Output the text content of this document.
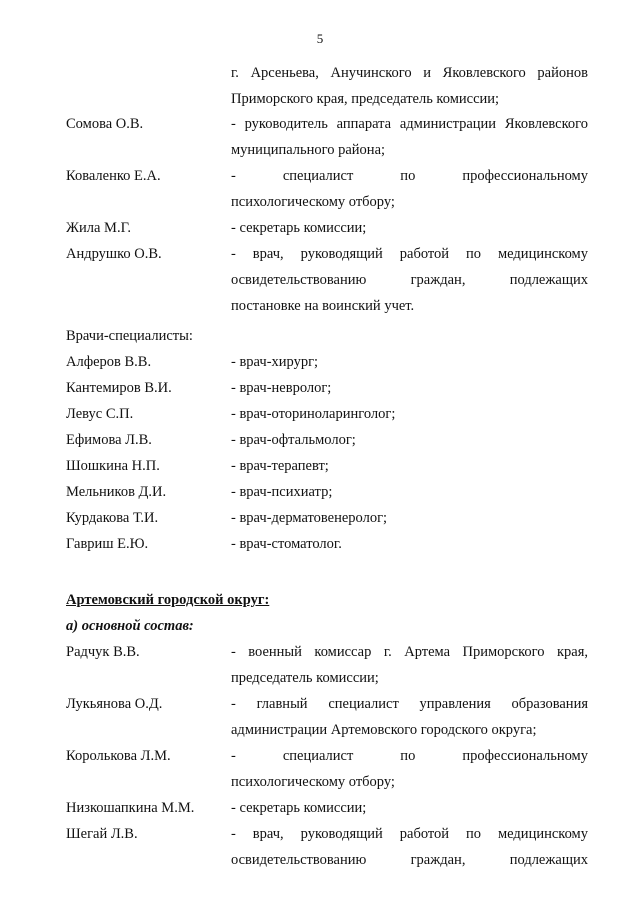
5
г. Арсеньева, Анучинского и Яковлевского районов
Приморского края, председатель комиссии;
Сомова О.В.	- руководитель аппарата администрации Яковлевского
муниципального района;
Коваленко Е.А.	- специалист по профессиональному
психологическому отбору;
Жила М.Г.	- секретарь комиссии;
Андрушко О.В.	- врач, руководящий работой по медицинскому
освидетельствованию граждан, подлежащих
постановке на воинский учет.
Врачи-специалисты:
Алферов В.В.	- врач-хирург;
Кантемиров В.И.	- врач-невролог;
Левус С.П.	- врач-оториноларинголог;
Ефимова Л.В.	- врач-офтальмолог;
Шошкина Н.П.	- врач-терапевт;
Мельников Д.И.	- врач-психиатр;
Курдакова Т.И.	- врач-дерматовенеролог;
Гавриш Е.Ю.	- врач-стоматолог.
Артемовский городской округ:
а) основной состав:
Радчук В.В.	- военный комиссар г. Артема Приморского края,
председатель комиссии;
Лукьянова О.Д.	- главный специалист управления образования
администрации Артемовского городского округа;
Королькова Л.М.	- специалист по профессиональному
психологическому отбору;
Низкошапкина М.М.	- секретарь комиссии;
Шегай Л.В.	- врач, руководящий работой по медицинскому
освидетельствованию граждан, подлежащих
